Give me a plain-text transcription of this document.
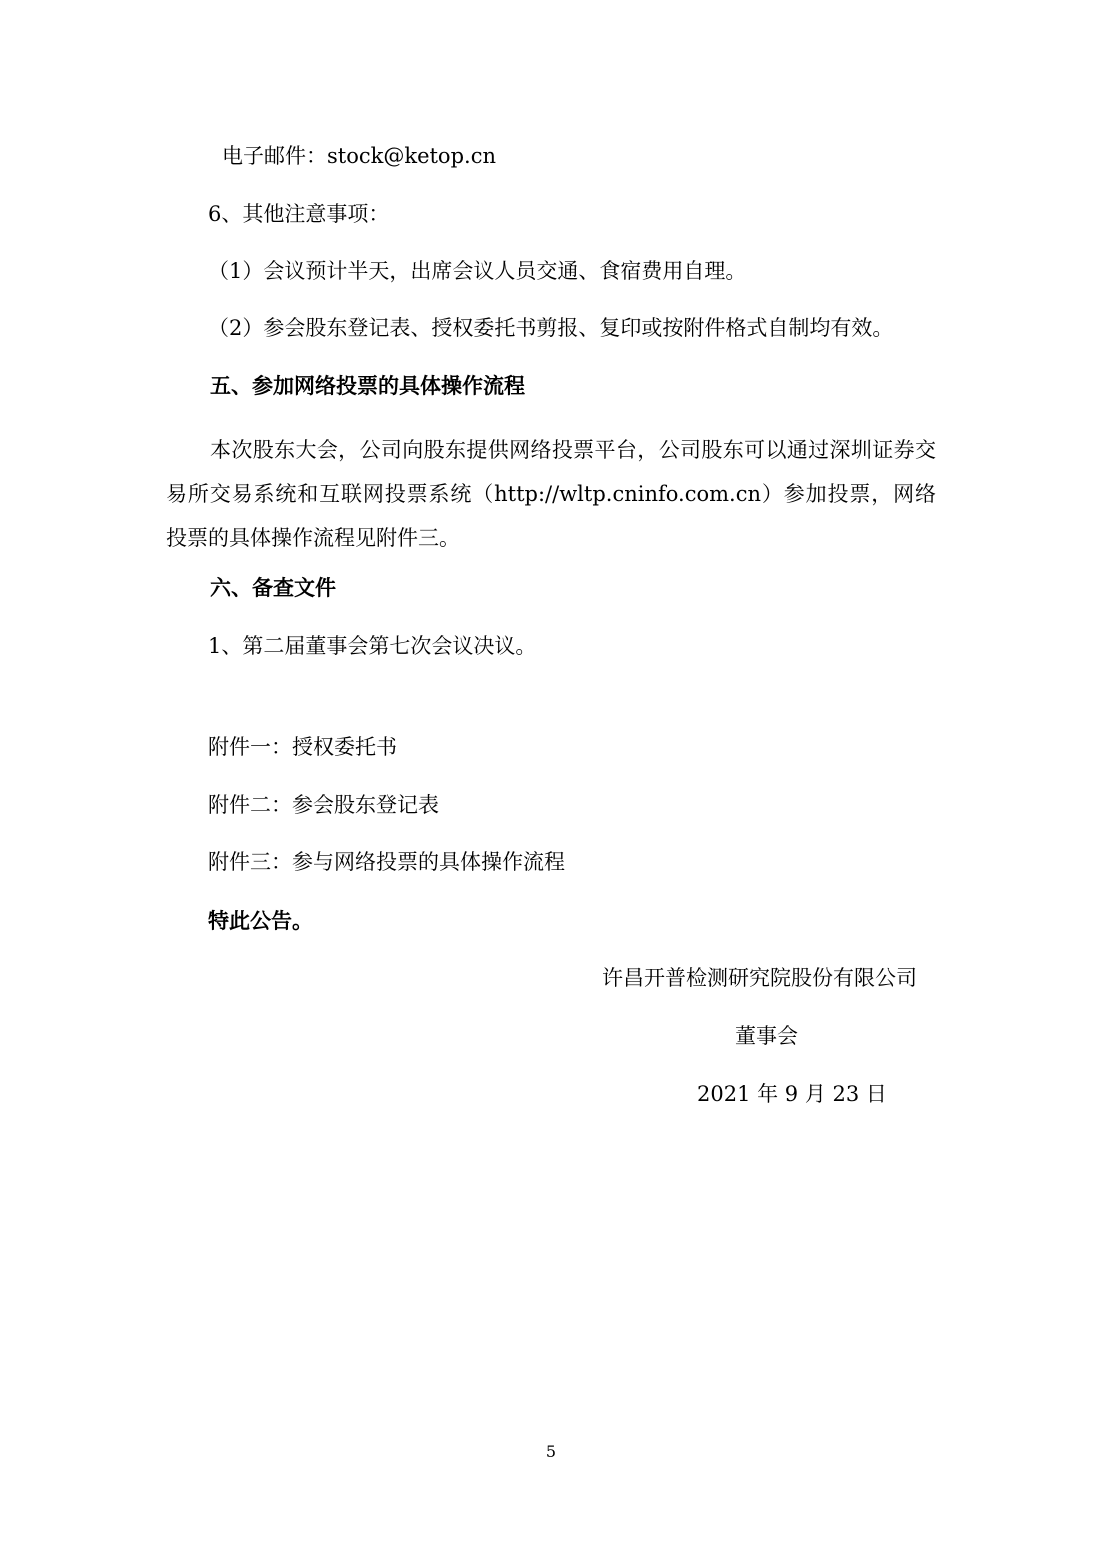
电子邮件：stock@ketop.cn
6、其他注意事项：
（1）会议预计半天，出席会议人员交通、食宿费用自理。
（2）参会股东登记表、授权委托书剪报、复印或按附件格式自制均有效。
五、参加网络投票的具体操作流程
本次股东大会，公司向股东提供网络投票平台，公司股东可以通过深圳证券交易所交易系统和互联网投票系统（http://wltp.cninfo.com.cn）参加投票，网络投票的具体操作流程见附件三。
六、备查文件
1、第二届董事会第七次会议决议。
附件一：授权委托书
附件二：参会股东登记表
附件三：参与网络投票的具体操作流程
特此公告。
许昌开普检测研究院股份有限公司
董事会
2021 年 9 月 23 日
5
